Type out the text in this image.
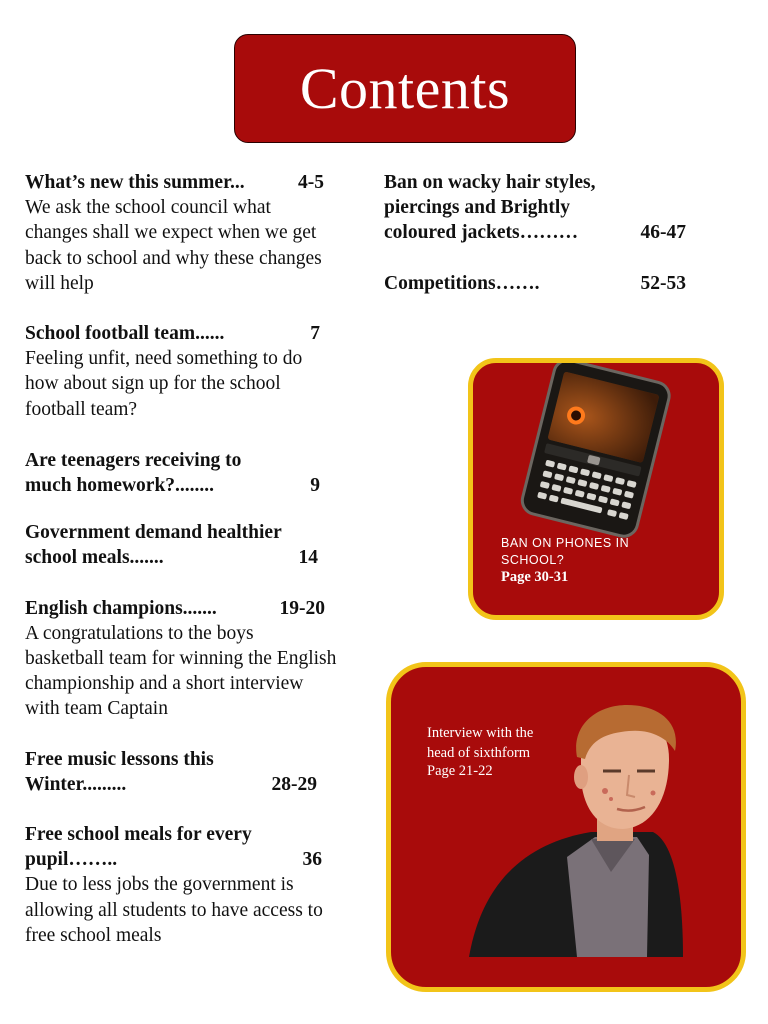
Contents
What’s new this summer...	4-5
We ask the school council what changes shall we expect when we get back to school and why these changes will help
School football team......	7
Feeling unfit, need something to do how about sign up for the school football team?
Are teenagers receiving to
much homework?........	9
Government demand healthier
school meals.......	14
English champions.......	19-20
A congratulations to the boys basketball team for winning the English championship and a short interview with team Captain
Free music lessons this
Winter.........	28-29
Free school meals for every
pupil……..	36
Due to less jobs the government is allowing all students to have access to free school meals
Ban on wacky hair styles,
piercings and Brightly
coloured jackets………	46-47
Competitions…….	52-53
BAN ON PHONES IN
SCHOOL?
Page 30-31
Interview with the
head of sixthform
Page 21-22
